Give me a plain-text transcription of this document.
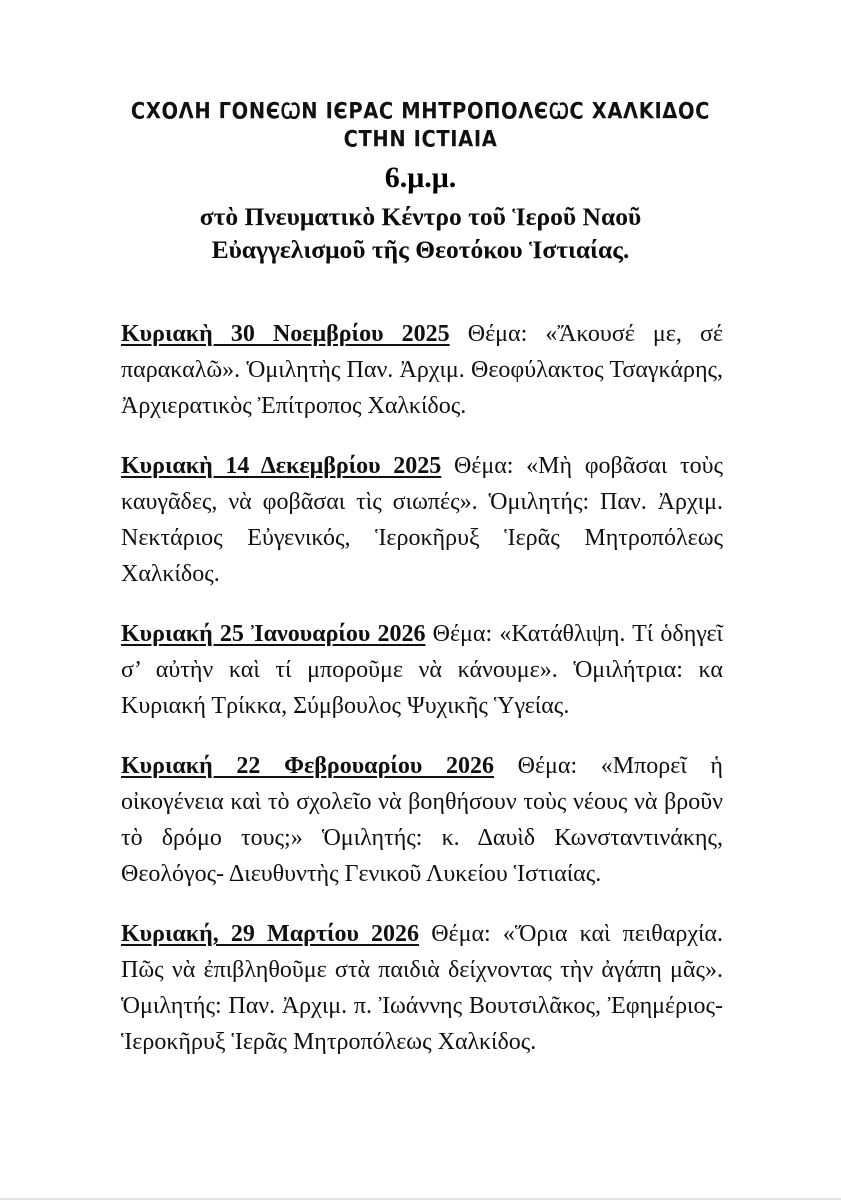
ϹΧΟΛΗ ΓΟΝЄꞶΝ ΙЄΡΑϹ ΜΗΤΡΟΠΟΛЄꞶϹ ΧΑΛΚΙΔΟϹ
ϹΤΗΝ ΙϹΤΙΑΙΑ
6.μ.μ.
στὸ Πνευματικὸ Κέντρο τοῦ Ἱεροῦ Ναοῦ
Εὐαγγελισμοῦ τῆς Θεοτόκου Ἱστιαίας.

Κυριακὴ 30 Νοεμβρίου 2025 Θέμα: «Ἄκουσέ με, σέ παρακαλῶ». Ὁμιλητὴς Παν. Ἀρχιμ. Θεοφύλακτος Τσαγκάρης, Ἀρχιερατικὸς Ἐπίτροπος Χαλκίδος.

Κυριακὴ 14 Δεκεμβρίου 2025 Θέμα: «Μὴ φοβᾶσαι τοὺς καυγᾶδες, νὰ φοβᾶσαι τὶς σιωπές». Ὁμιλητής: Παν. Ἀρχιμ. Νεκτάριος Εὐγενικός, Ἱεροκῆρυξ Ἱερᾶς Μητροπόλεως Χαλκίδος.

Κυριακή 25 Ἰανουαρίου 2026 Θέμα: «Κατάθλιψη. Τί ὁδηγεῖ σ’ αὐτὴν καὶ τί μποροῦμε νὰ κάνουμε». Ὁμιλήτρια: κα Κυριακή Τρίκκα, Σύμβουλος Ψυχικῆς Ὑγείας.

Κυριακή 22 Φεβρουαρίου 2026 Θέμα: «Μπορεῖ ἡ οἰκογένεια καὶ τὸ σχολεῖο νὰ βοηθήσουν τοὺς νέους νὰ βροῦν τὸ δρόμο τους;» Ὁμιλητής: κ. Δαυὶδ Κωνσταντινάκης, Θεολόγος- Διευθυντὴς Γενικοῦ Λυκείου Ἱστιαίας.

Κυριακή, 29 Μαρτίου 2026 Θέμα: «Ὅρια καὶ πειθαρχία. Πῶς νὰ ἐπιβληθοῦμε στὰ παιδιὰ δείχνοντας τὴν ἀγάπη μᾶς». Ὁμιλητής: Παν. Ἀρχιμ. π. Ἰωάννης Βουτσιλᾶκος, Ἐφημέριος-Ἱεροκῆρυξ Ἱερᾶς Μητροπόλεως Χαλκίδος.
